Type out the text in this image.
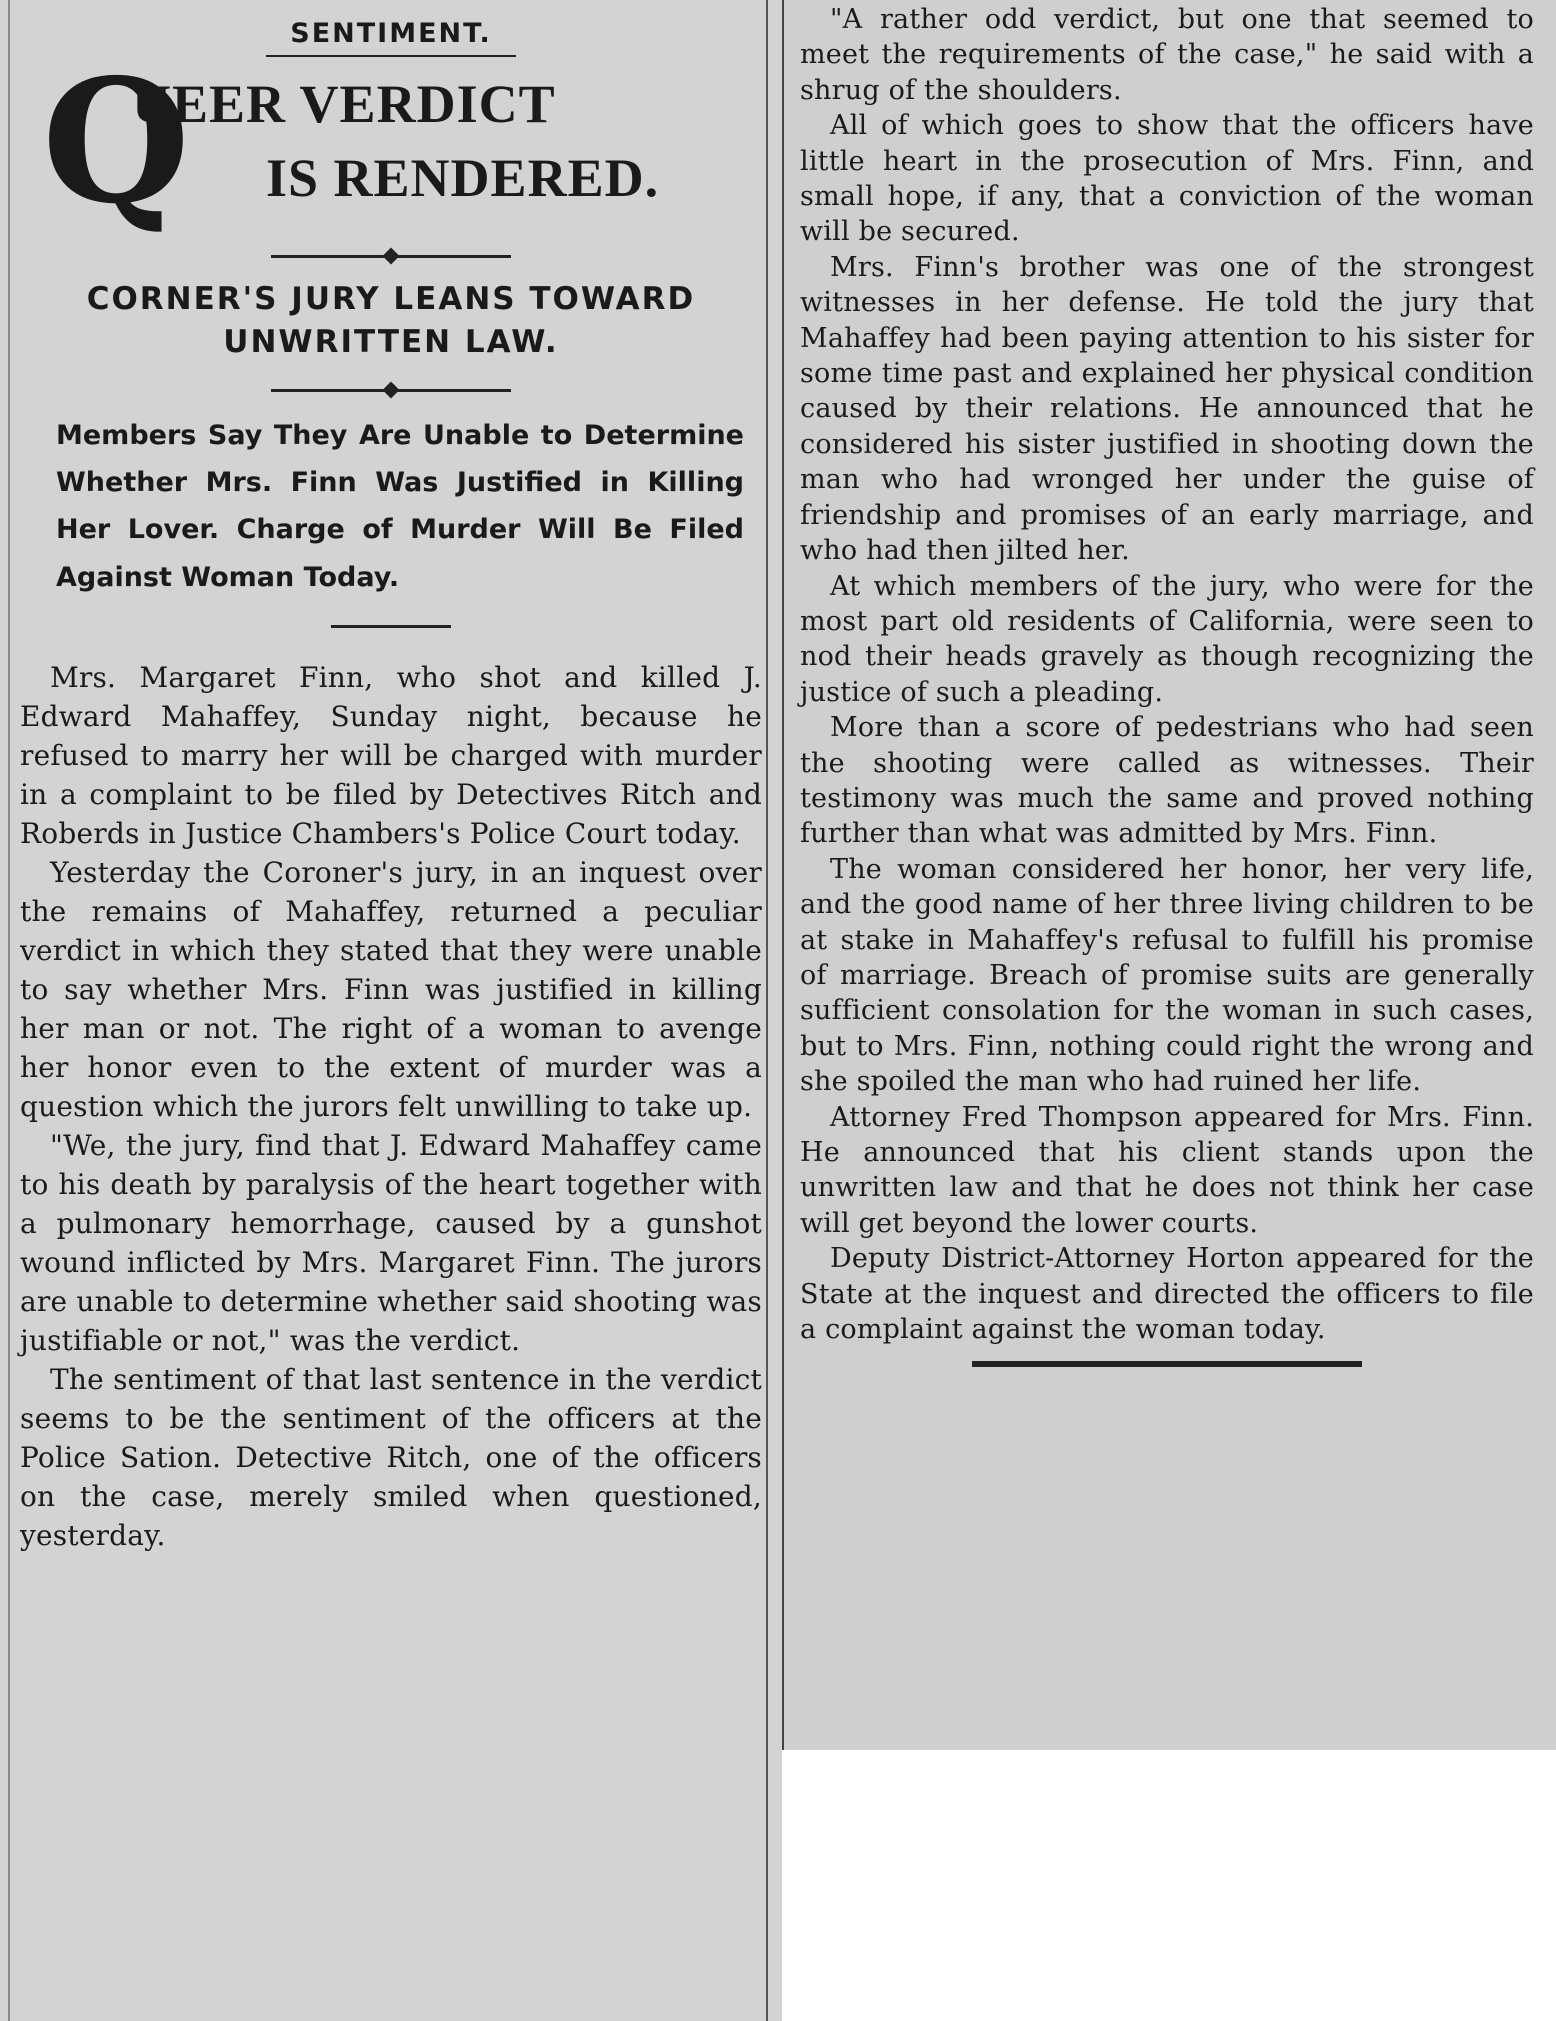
SENTIMENT.
Q
UEER VERDICT
IS RENDERED.
CORNER'S JURY LEANS TOWARD UNWRITTEN LAW.
Members Say They Are Unable to Determine Whether Mrs. Finn Was Justified in Killing Her Lover. Charge of Murder Will Be Filed Against Woman Today.

Mrs. Margaret Finn, who shot and killed J. Edward Mahaffey, Sunday night, because he refused to marry her will be charged with murder in a complaint to be filed by Detectives Ritch and Roberds in Justice Chambers's Police Court today.

Yesterday the Coroner's jury, in an inquest over the remains of Mahaffey, returned a peculiar verdict in which they stated that they were unable to say whether Mrs. Finn was justified in killing her man or not. The right of a woman to avenge her honor even to the extent of murder was a question which the jurors felt unwilling to take up.

"We, the jury, find that J. Edward Mahaffey came to his death by paralysis of the heart together with a pulmonary hemorrhage, caused by a gunshot wound inflicted by Mrs. Margaret Finn. The jurors are unable to determine whether said shooting was justifiable or not," was the verdict.

The sentiment of that last sentence in the verdict seems to be the sentiment of the officers at the Police Sation. Detective Ritch, one of the officers on the case, merely smiled when questioned, yesterday.

"A rather odd verdict, but one that seemed to meet the requirements of the case," he said with a shrug of the shoulders.

All of which goes to show that the officers have little heart in the prosecution of Mrs. Finn, and small hope, if any, that a conviction of the woman will be secured.

Mrs. Finn's brother was one of the strongest witnesses in her defense. He told the jury that Mahaffey had been paying attention to his sister for some time past and explained her physical condition caused by their relations. He announced that he considered his sister justified in shooting down the man who had wronged her under the guise of friendship and promises of an early marriage, and who had then jilted her.

At which members of the jury, who were for the most part old residents of California, were seen to nod their heads gravely as though recognizing the justice of such a pleading.

More than a score of pedestrians who had seen the shooting were called as witnesses. Their testimony was much the same and proved nothing further than what was admitted by Mrs. Finn.

The woman considered her honor, her very life, and the good name of her three living children to be at stake in Mahaffey's refusal to fulfill his promise of marriage. Breach of promise suits are generally sufficient consolation for the woman in such cases, but to Mrs. Finn, nothing could right the wrong and she spoiled the man who had ruined her life.

Attorney Fred Thompson appeared for Mrs. Finn. He announced that his client stands upon the unwritten law and that he does not think her case will get beyond the lower courts.

Deputy District-Attorney Horton appeared for the State at the inquest and directed the officers to file a complaint against the woman today.
